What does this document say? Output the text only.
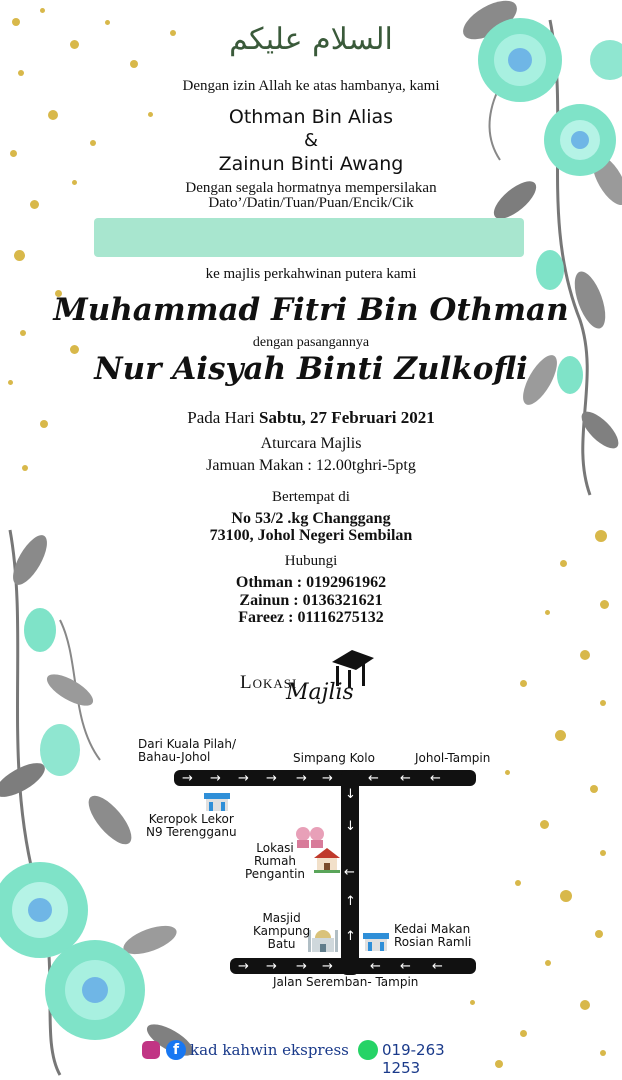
السلام عليكم
Dengan izin Allah ke atas hambanya, kami
Othman Bin Alias
&
Zainun Binti Awang
Dengan segala hormatnya mempersilakan
Dato’/Datin/Tuan/Puan/Encik/Cik
ke majlis perkahwinan putera kami
Muhammad Fitri Bin Othman
dengan pasangannya
Nur Aisyah Binti Zulkofli
Pada Hari Sabtu, 27 Februari 2021
Aturcara Majlis
Jamuan Makan : 12.00tghri-5ptg
Bertempat di
No 53/2 .kg Changgang
73100, Johol Negeri Sembilan
Hubungi
Othman : 0192961962
Zainun : 0136321621
Fareez : 01116275132
Lokasi
Majlis
→ → → → → →	← ← ←
↓
↓
↑
↑
→ → → →	← ← ←
←
Dari Kuala Pilah/
Bahau-Johol	Simpang Kolo	Johol-Tampin
Keropok Lekor
N9 Terengganu
Lokasi
Rumah
Pengantin
Masjid
Kampung
Batu
Kedai Makan
Rosian Ramli
Jalan Seremban- Tampin
f kad kahwin ekspress 019-263 1253
